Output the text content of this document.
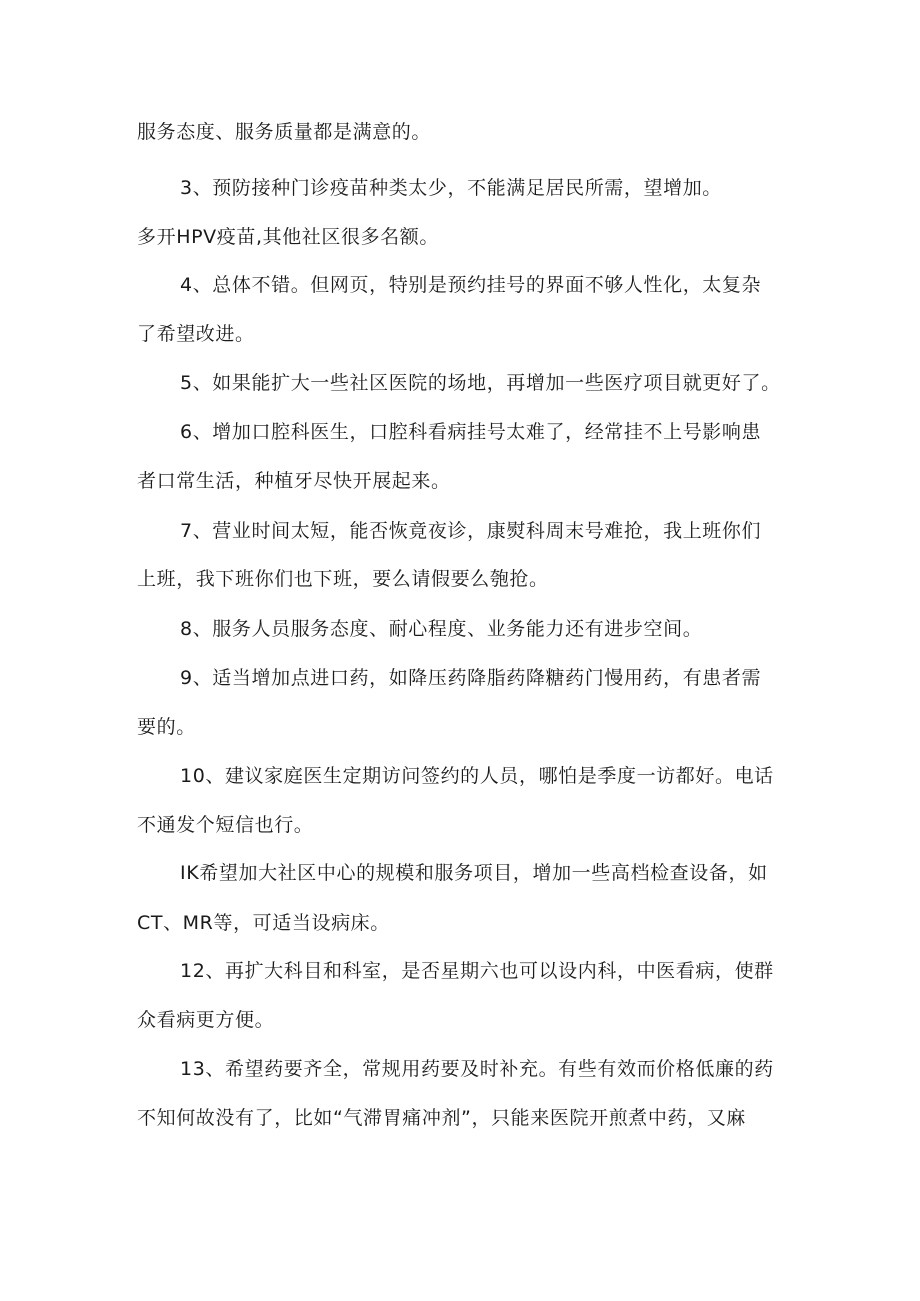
服务态度、服务质量都是满意的。
3、预防接种门诊疫苗种类太少，不能满足居民所需，望增加。
多开HPV疫苗,其他社区很多名额。
4、总体不错。但网页，特别是预约挂号的界面不够人性化，太复杂
了希望改进。
5、如果能扩大一些社区医院的场地，再增加一些医疗项目就更好了。
6、增加口腔科医生，口腔科看病挂号太难了，经常挂不上号影响患
者口常生活，种植牙尽快开展起来。
7、营业时间太短，能否恢竟夜诊，康熨科周末号难抢，我上班你们
上班，我下班你们也下班，要么请假要么匏抢。
8、服务人员服务态度、耐心程度、业务能力还有进步空间。
9、适当增加点进口药，如降压药降脂药降糖药门慢用药，有患者需
要的。
10、建议家庭医生定期访问签约的人员，哪怕是季度一访都好。电话
不通发个短信也行。
IK希望加大社区中心的规模和服务项目，增加一些高档检查设备，如
CT、MR等，可适当设病床。
12、再扩大科目和科室，是否星期六也可以设内科，中医看病，使群
众看病更方便。
13、希望药要齐全，常规用药要及时补充。有些有效而价格低廉的药
不知何故没有了，比如“气滞胃痛冲剂”，只能来医院开煎煮中药，又麻
